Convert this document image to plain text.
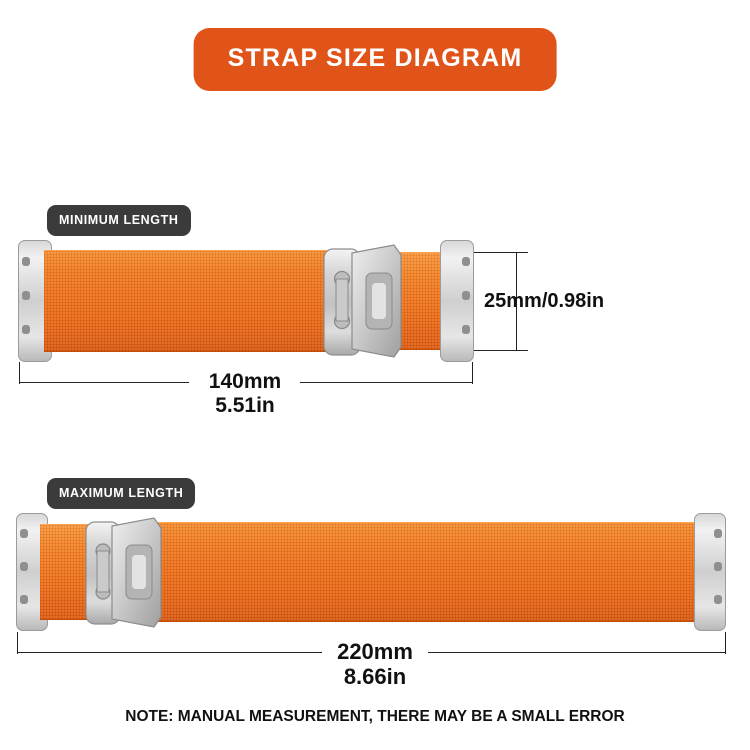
STRAP SIZE DIAGRAM
MINIMUM LENGTH
25mm/0.98in
140mm
5.51in
MAXIMUM LENGTH
220mm
8.66in
NOTE: MANUAL MEASUREMENT, THERE MAY BE A SMALL ERROR
